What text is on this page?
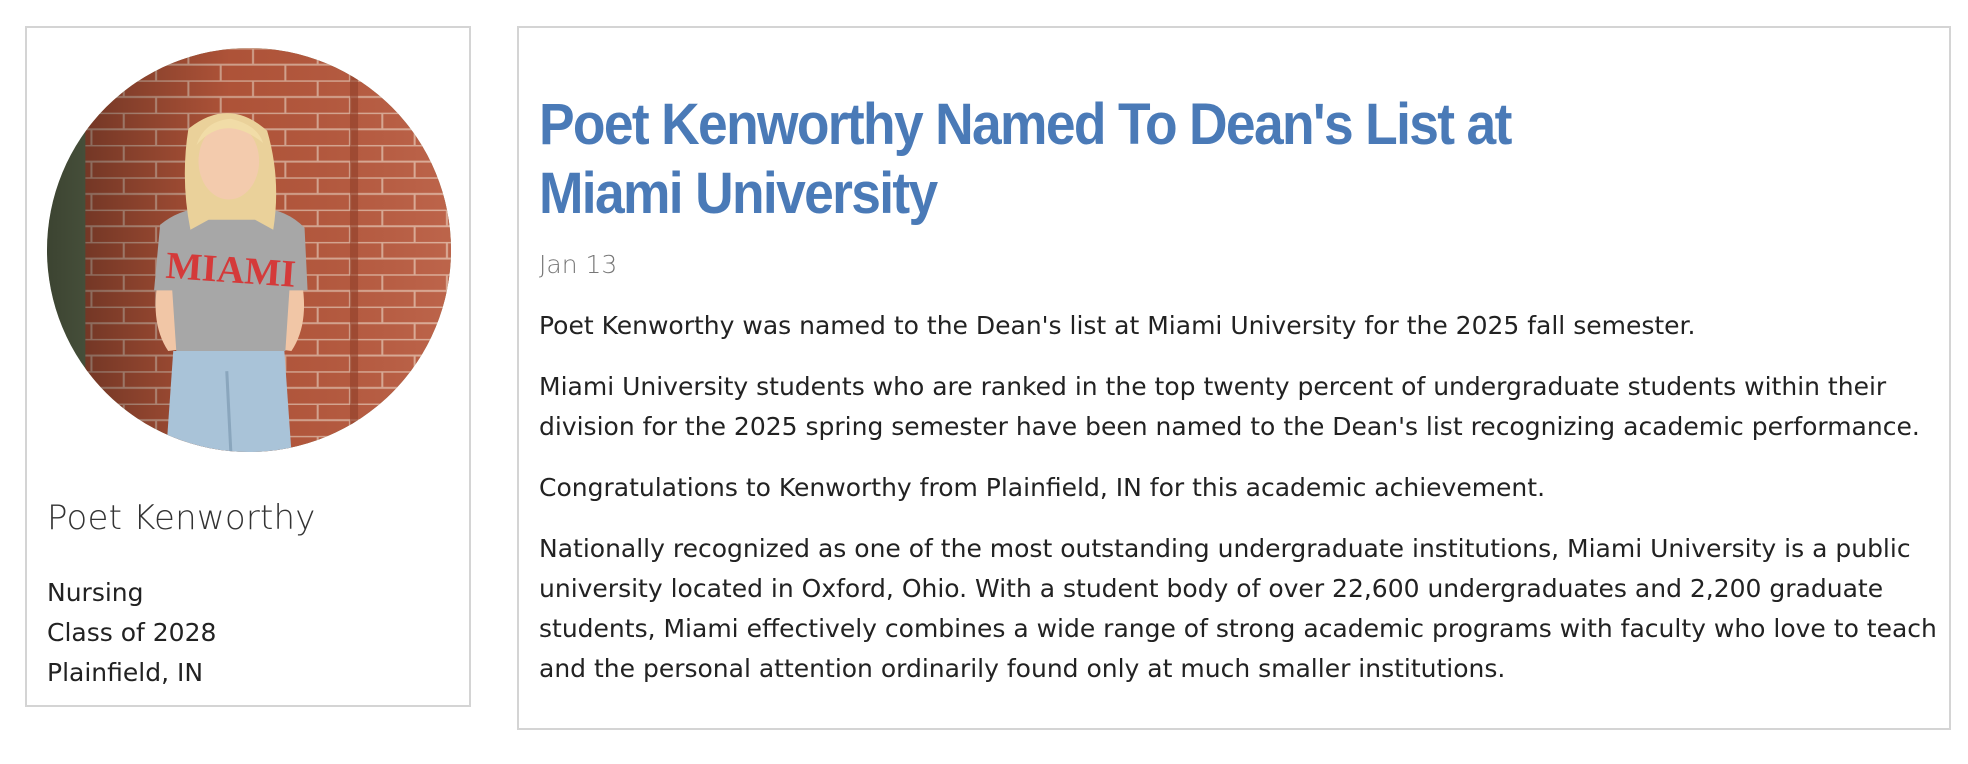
MIAMI
Poet Kenworthy
Nursing
Class of 2028
Plainfield, IN
Poet Kenworthy Named To Dean's List at Miami University
Jan 13

Poet Kenworthy was named to the Dean's list at Miami University for the 2025 fall semester.

Miami University students who are ranked in the top twenty percent of undergraduate students within their division for the 2025 spring semester have been named to the Dean's list recognizing academic performance.

Congratulations to Kenworthy from Plainfield, IN for this academic achievement.

Nationally recognized as one of the most outstanding undergraduate institutions, Miami University is a public university located in Oxford, Ohio. With a student body of over 22,600 undergraduates and 2,200 graduate students, Miami effectively combines a wide range of strong academic programs with faculty who love to teach and the personal attention ordinarily found only at much smaller institutions.
